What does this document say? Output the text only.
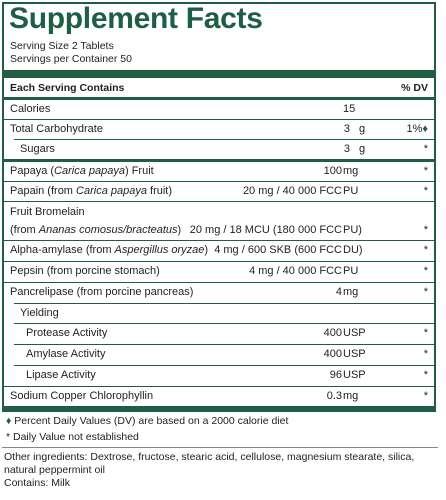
Supplement Facts
Serving Size 2 Tablets
Servings per Container 50
Each Serving Contains	% DV
Calories	15
Total Carbohydrate	3 g	1%♦
Sugars	3 g	*
Papaya (Carica papaya) Fruit	100 mg	*
Papain (from Carica papaya fruit)	20 mg / 40 000 FCC PU	*
Fruit Bromelain
(from Ananas comosus/bracteatus) 20 mg / 18 MCU (180 000 FCC PU)	*
Alpha-amylase (from Aspergillus oryzae) 4 mg / 600 SKB (600 FCC DU)	*
Pepsin (from porcine stomach)	4 mg / 40 000 FCC PU	*
Pancrelipase (from porcine pancreas)	4 mg	*
Yielding
Protease Activity	400 USP	*
Amylase Activity	400 USP	*
Lipase Activity	96 USP	*
Sodium Copper Chlorophyllin	0.3 mg	*
♦ Percent Daily Values (DV) are based on a 2000 calorie diet
* Daily Value not established
Other ingredients: Dextrose, fructose, stearic acid, cellulose, magnesium stearate, silica, natural peppermint oil
Contains: Milk
